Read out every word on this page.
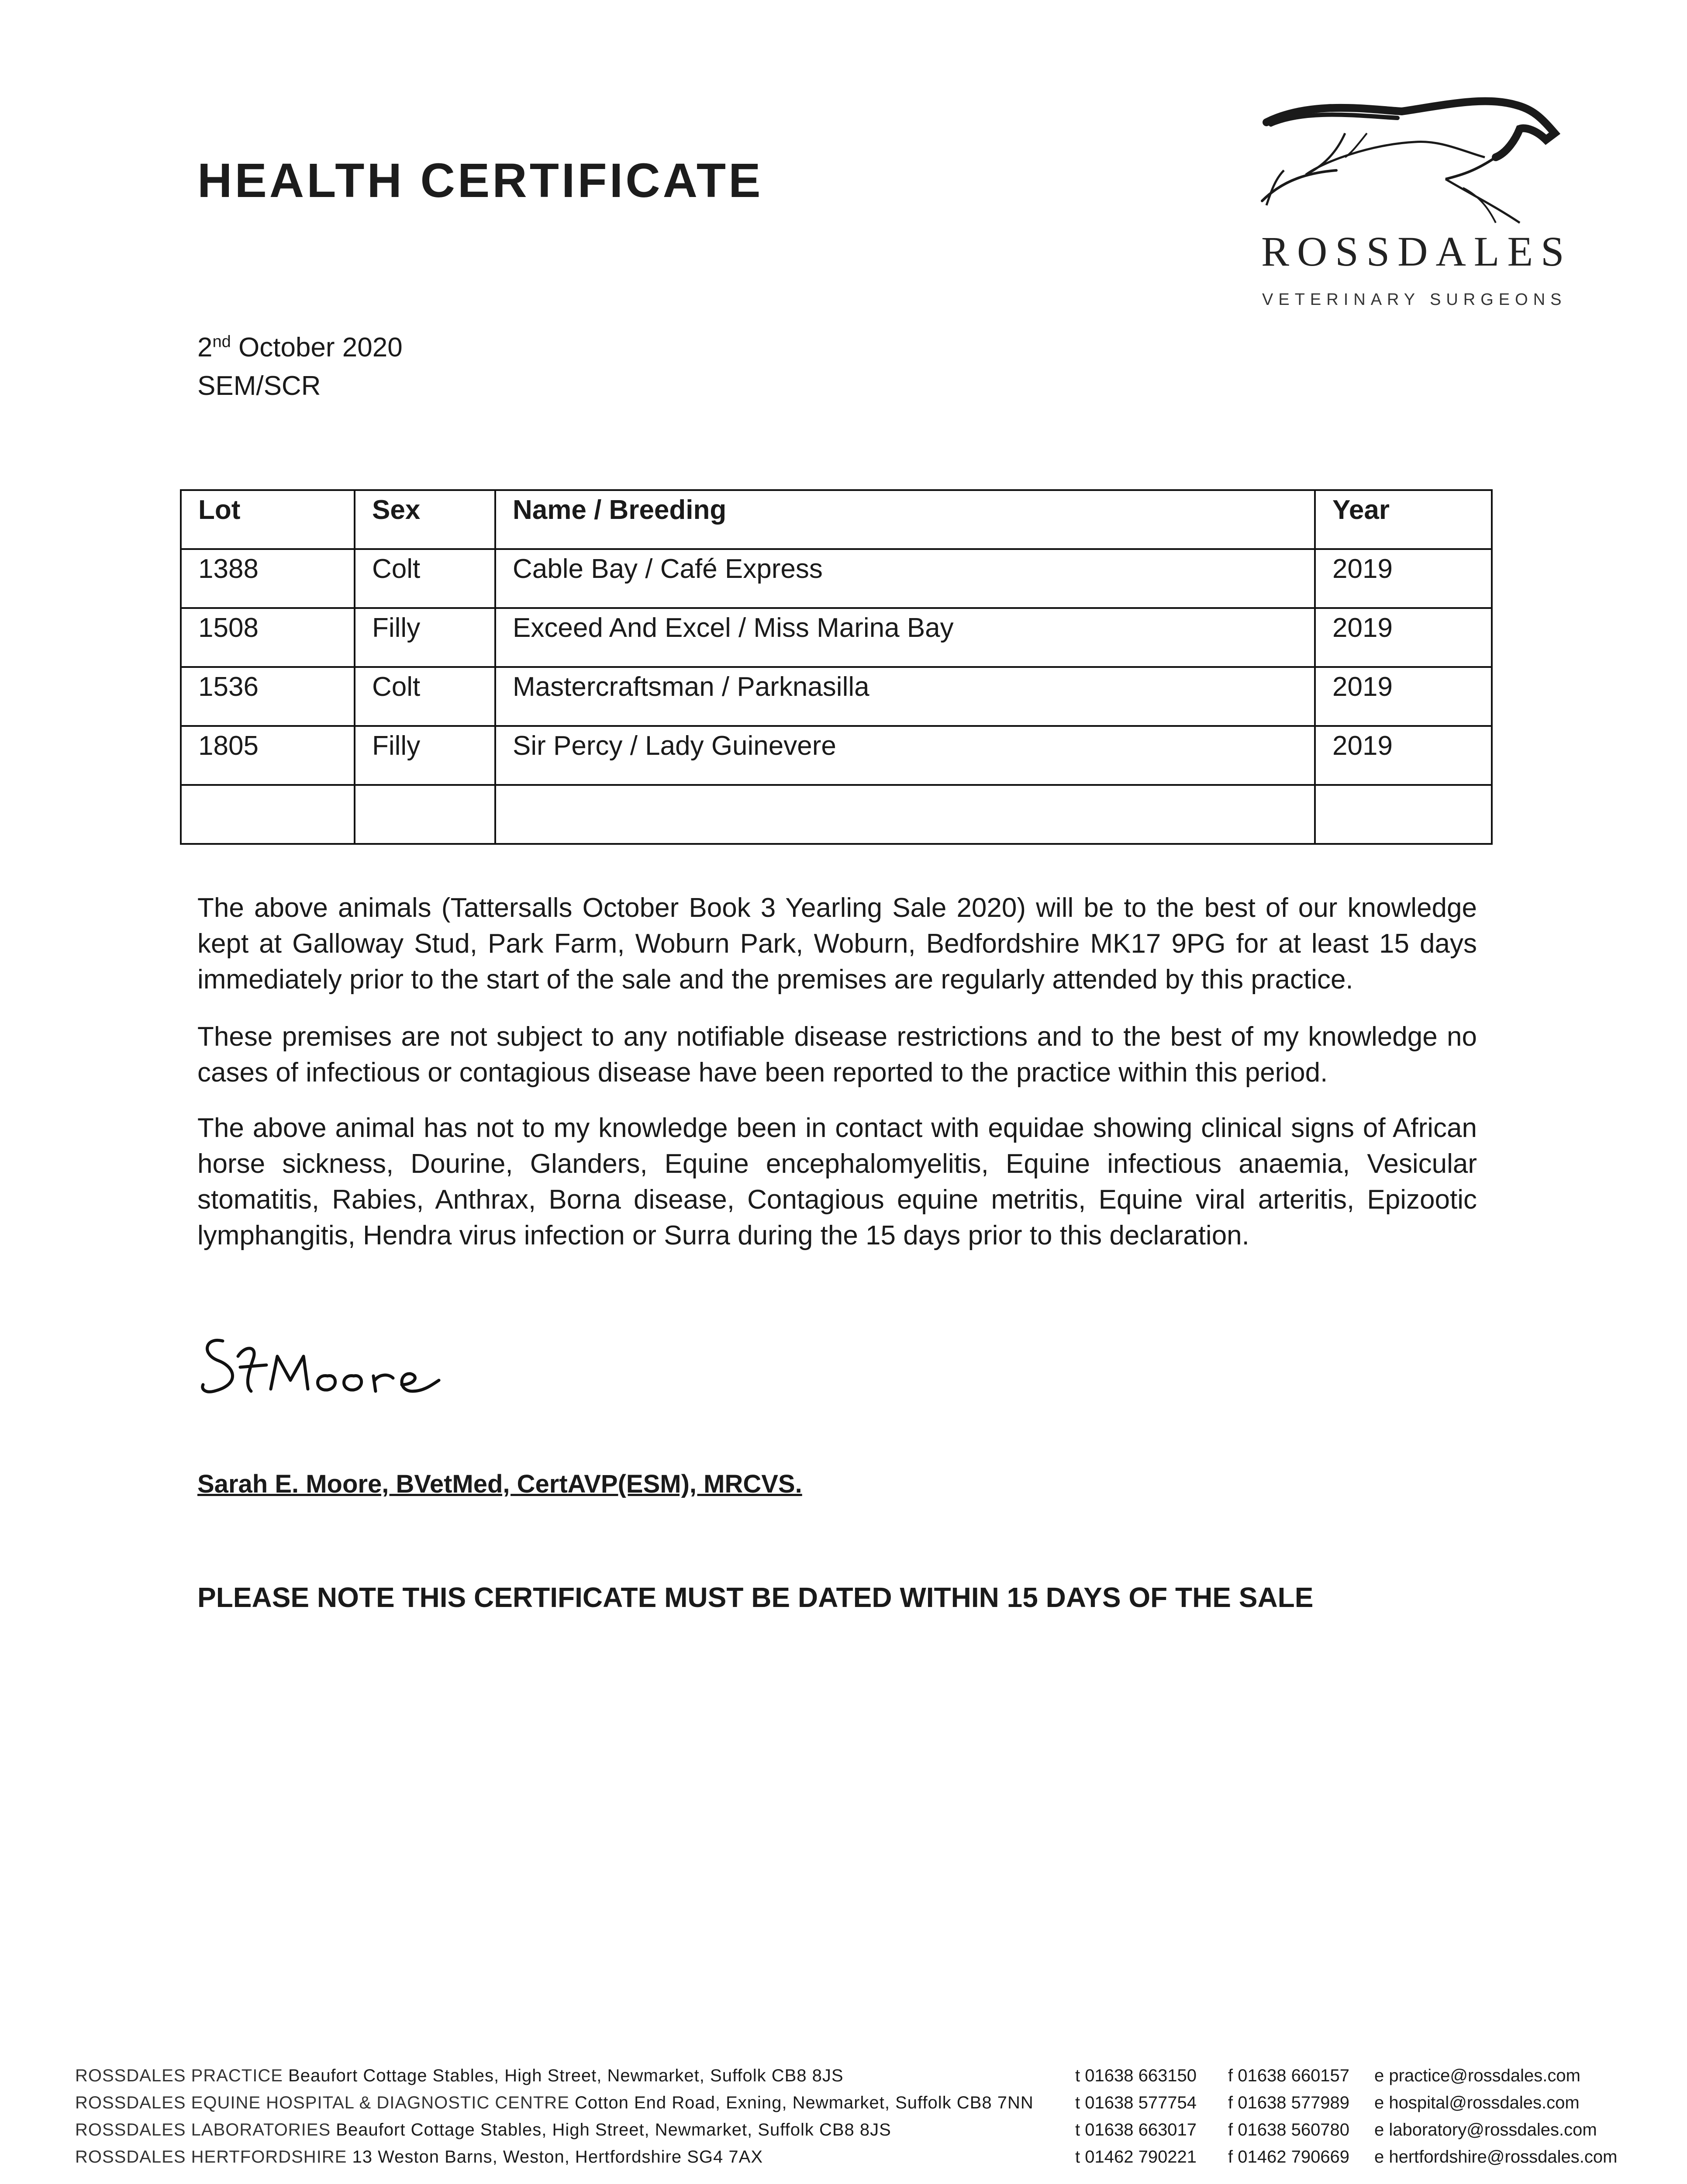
HEALTH CERTIFICATE
ROSSDALES
VETERINARY SURGEONS
2nd October 2020
SEM/SCR
Lot	Sex	Name / Breeding	Year
1388	Colt	Cable Bay / Café Express	2019
1508	Filly	Exceed And Excel / Miss Marina Bay	2019
1536	Colt	Mastercraftsman / Parknasilla	2019
1805	Filly	Sir Percy / Lady Guinevere	2019

The above animals (Tattersalls October Book 3 Yearling Sale 2020) will be to the best of our knowledge kept at Galloway Stud, Park Farm, Woburn Park, Woburn, Bedfordshire MK17 9PG for at least 15 days immediately prior to the start of the sale and the premises are regularly attended by this practice.
These premises are not subject to any notifiable disease restrictions and to the best of my knowledge no cases of infectious or contagious disease have been reported to the practice within this period.
The above animal has not to my knowledge been in contact with equidae showing clinical signs of African horse sickness, Dourine, Glanders, Equine encephalomyelitis, Equine infectious anaemia, Vesicular stomatitis, Rabies, Anthrax, Borna disease, Contagious equine metritis, Equine viral arteritis, Epizootic lymphangitis, Hendra virus infection or Surra during the 15 days prior to this declaration.
Sarah E. Moore, BVetMed, CertAVP(ESM), MRCVS.
PLEASE NOTE THIS CERTIFICATE MUST BE DATED WITHIN 15 DAYS OF THE SALE
ROSSDALES PRACTICE Beaufort Cottage Stables, High Street, Newmarket, Suffolk CB8 8JS	t 01638 663150 f 01638 660157 e practice@rossdales.com
ROSSDALES EQUINE HOSPITAL & DIAGNOSTIC CENTRE Cotton End Road, Exning, Newmarket, Suffolk CB8 7NN t 01638 577754 f 01638 577989 e hospital@rossdales.com
ROSSDALES LABORATORIES Beaufort Cottage Stables, High Street, Newmarket, Suffolk CB8 8JS	t 01638 663017 f 01638 560780 e laboratory@rossdales.com
ROSSDALES HERTFORDSHIRE 13 Weston Barns, Weston, Hertfordshire SG4 7AX	t 01462 790221 f 01462 790669 e hertfordshire@rossdales.com
